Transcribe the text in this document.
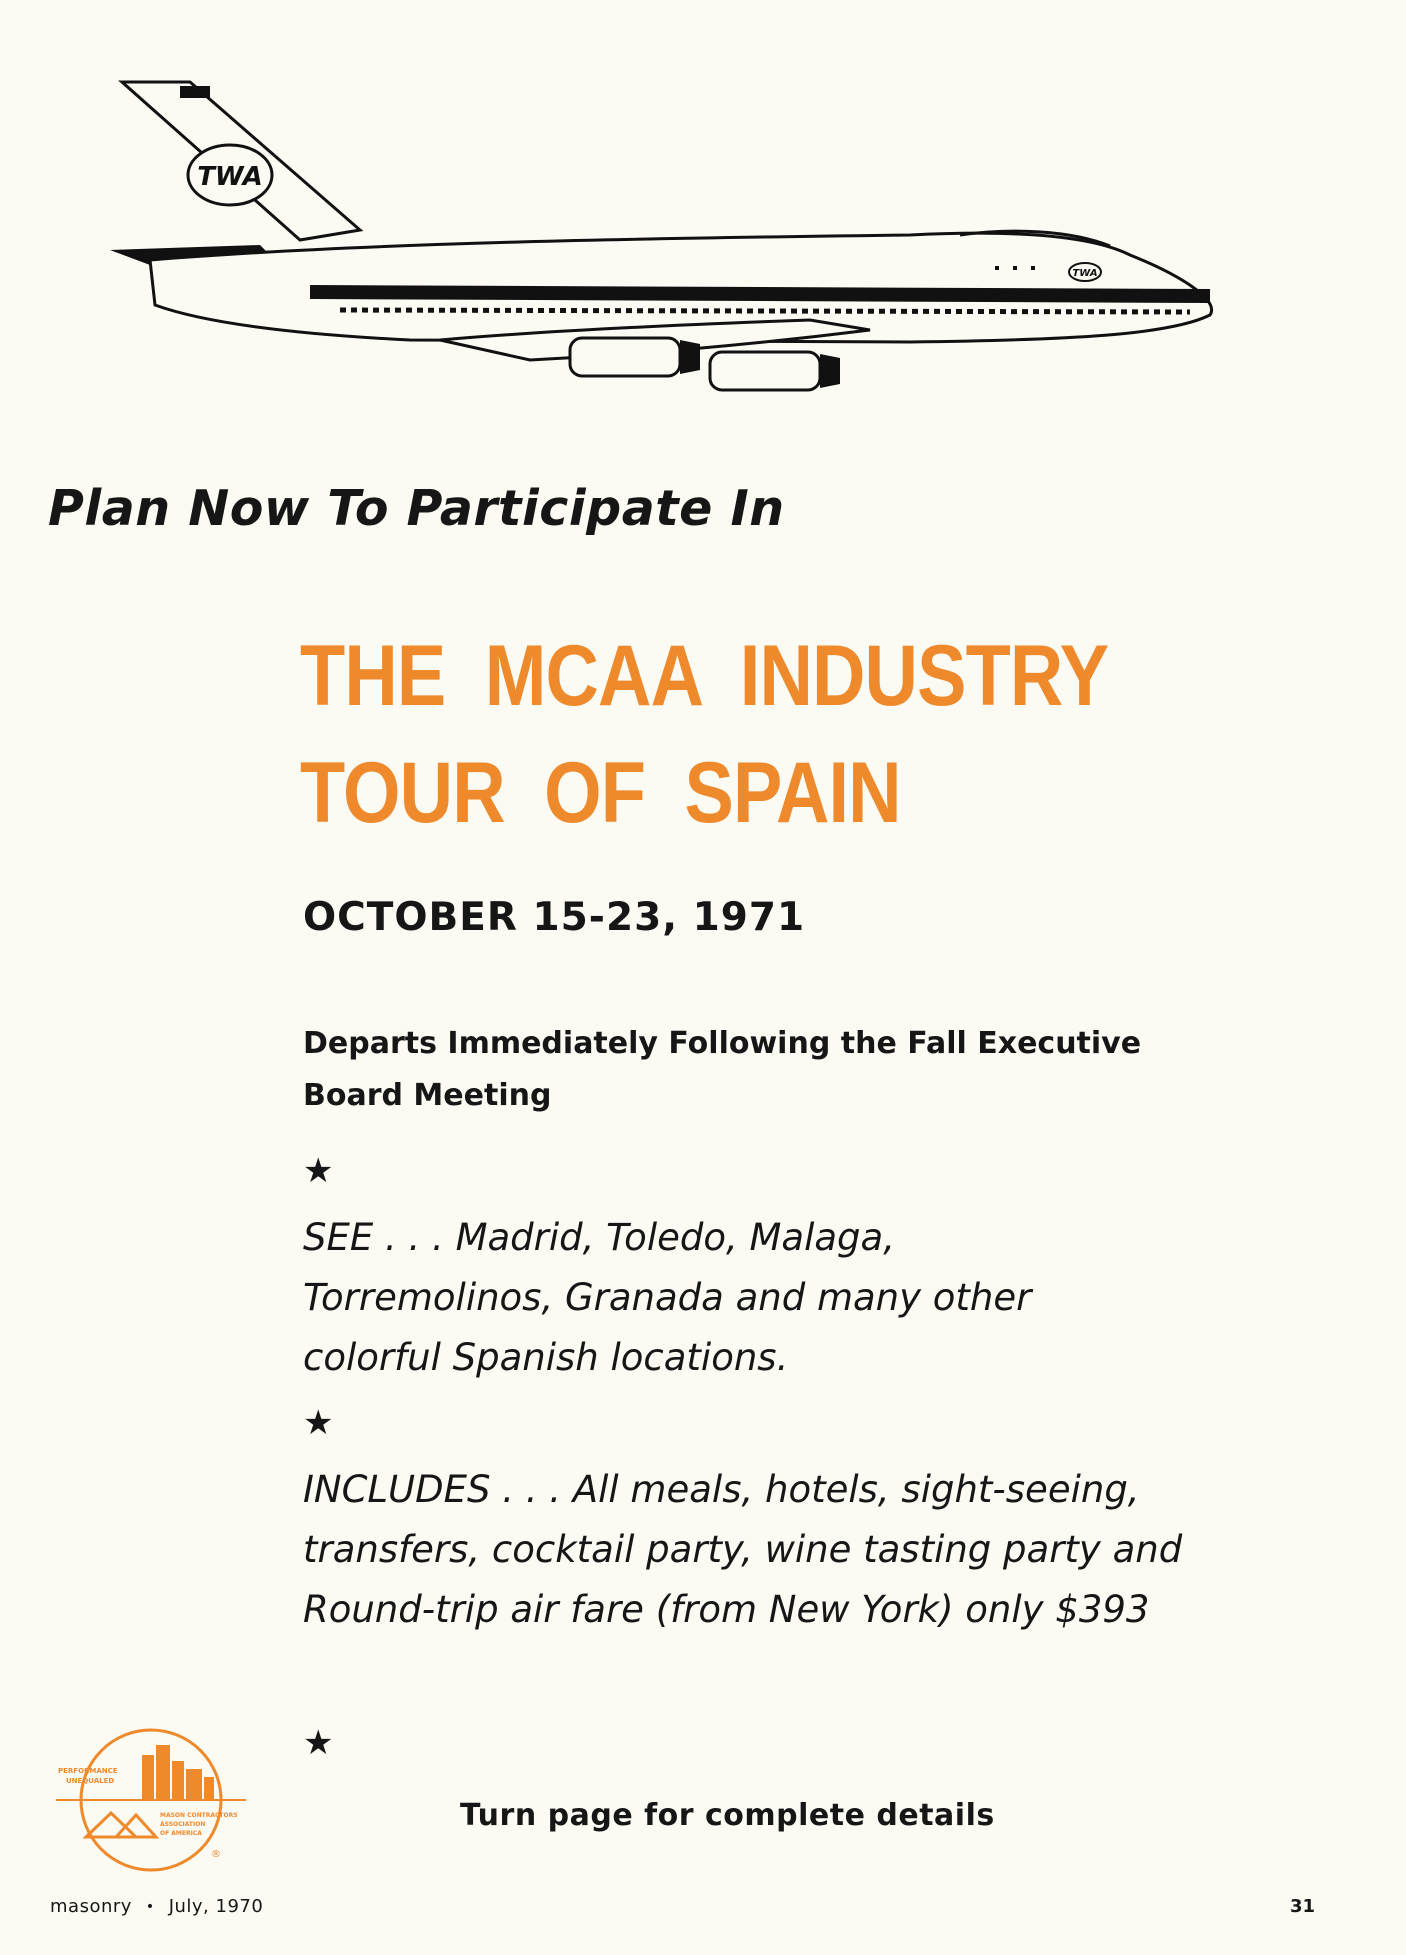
TWA
TWA
Plan Now To Participate In
THE  MCAA  INDUSTRY
TOUR  OF  SPAIN

OCTOBER 15-23, 1971

Departs Immediately Following the Fall Executive Board Meeting

★

SEE . . . Madrid, Toledo, Malaga, Torremolinos, Granada and many other colorful Spanish locations.

★

INCLUDES . . . All meals, hotels, sight-seeing, transfers, cocktail party, wine tasting party and Round-trip air fare (from New York) only $393

★

Turn page for complete details

PERFORMANCE
UNEQUALED
MASON CONTRACTORS
ASSOCIATION
OF AMERICA
®
masonry • July, 1970	31
